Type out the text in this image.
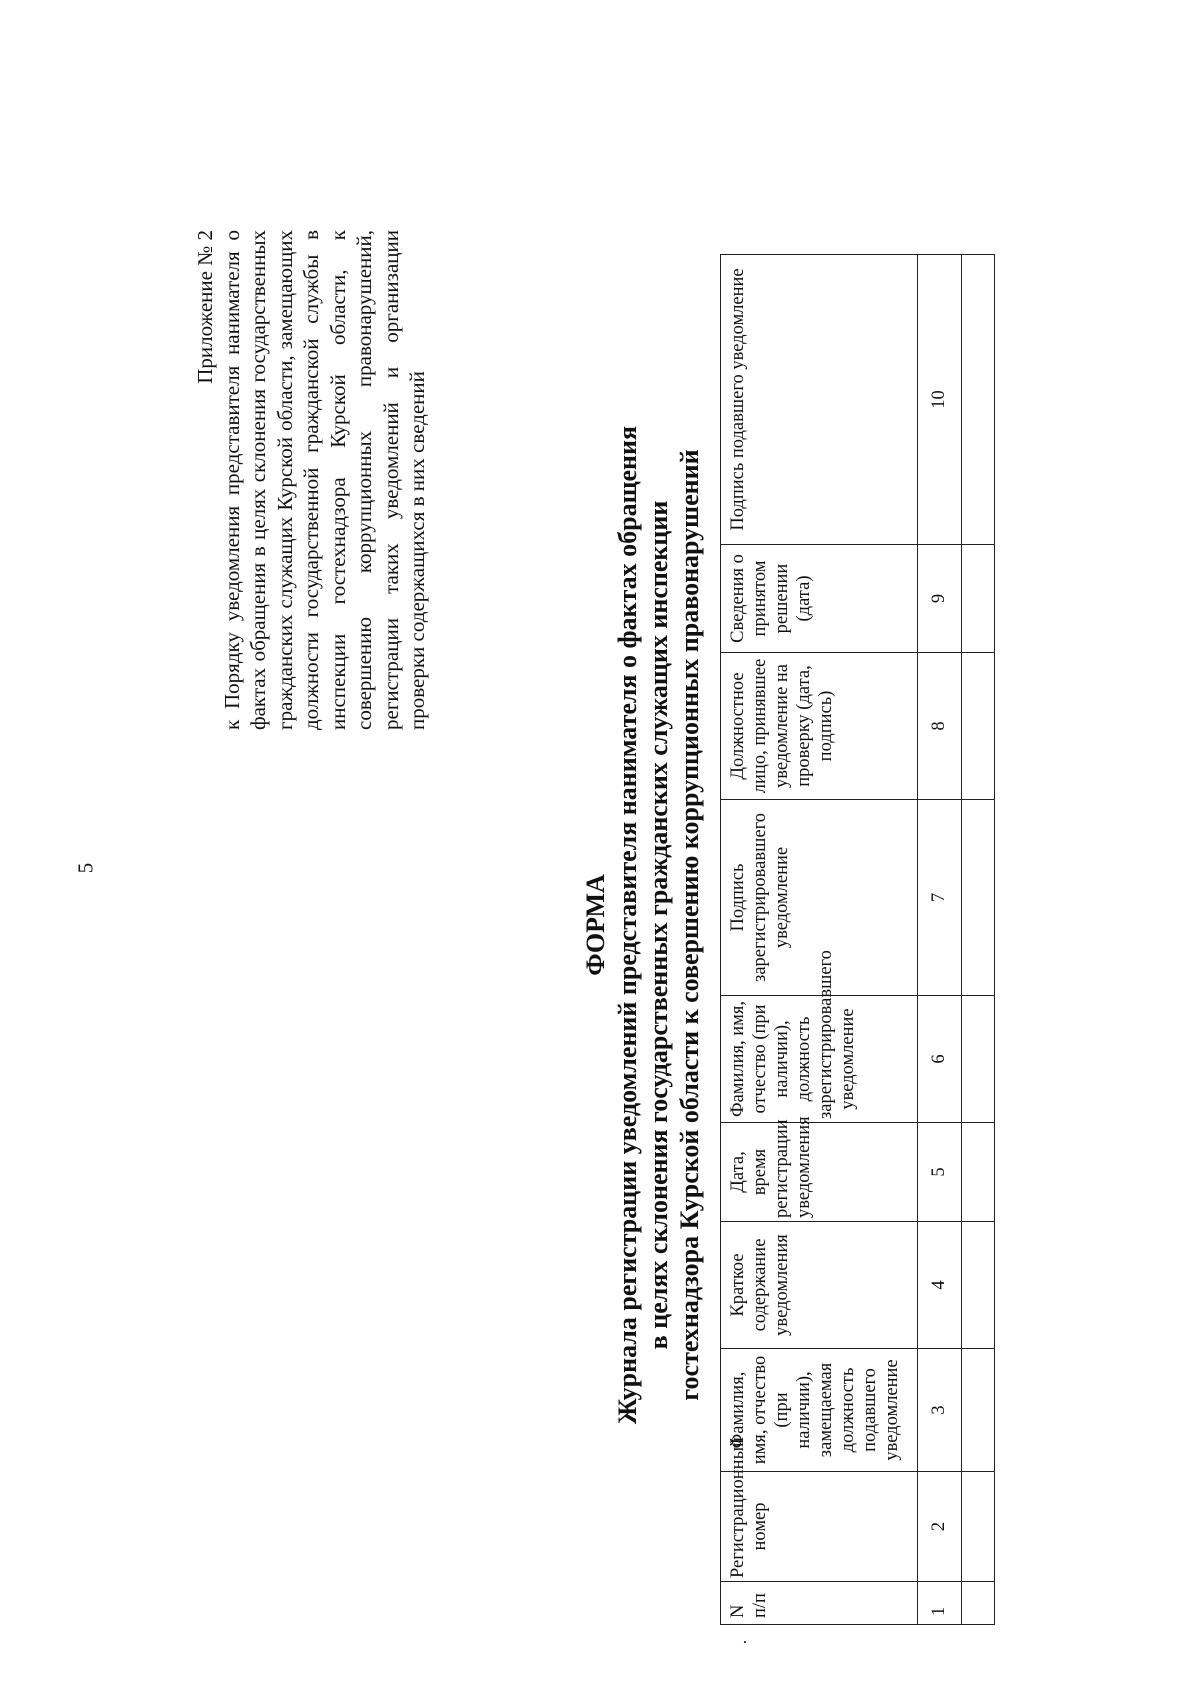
5
Приложение № 2 к Порядку уведомления представителя нанимателя о фактах обращения в целях склонения государственных гражданских служащих Курской области, замещающих должности государственной гражданской службы в инспекции гостехнадзора Курской области, к совершению коррупционных правонарушений, регистрации таких уведомлений и организации проверки содержащихся в них сведений
ФОРМА Журнала регистрации уведомлений представителя нанимателя о фактах обращения в целях склонения государственных гражданских служащих инспекции гостехнадзора Курской области к совершению коррупционных правонарушений
·
N п/п	Регистрационный номер	Фамилия, имя, отчество (при наличии), замещаемая должность подавшего уведомление	Краткое содержание уведомления	Дата, время регистрации уведомления	Фамилия, имя, отчество (при наличии), должность зарегистрировавшего уведомление	Подпись зарегистрировавшего уведомление	Должностное лицо, принявшее уведомление на проверку (дата, подпись)	Сведения о принятом решении (дата)	Подпись подавшего уведомление
1	2	3	4	5	6	7	8	9	10
